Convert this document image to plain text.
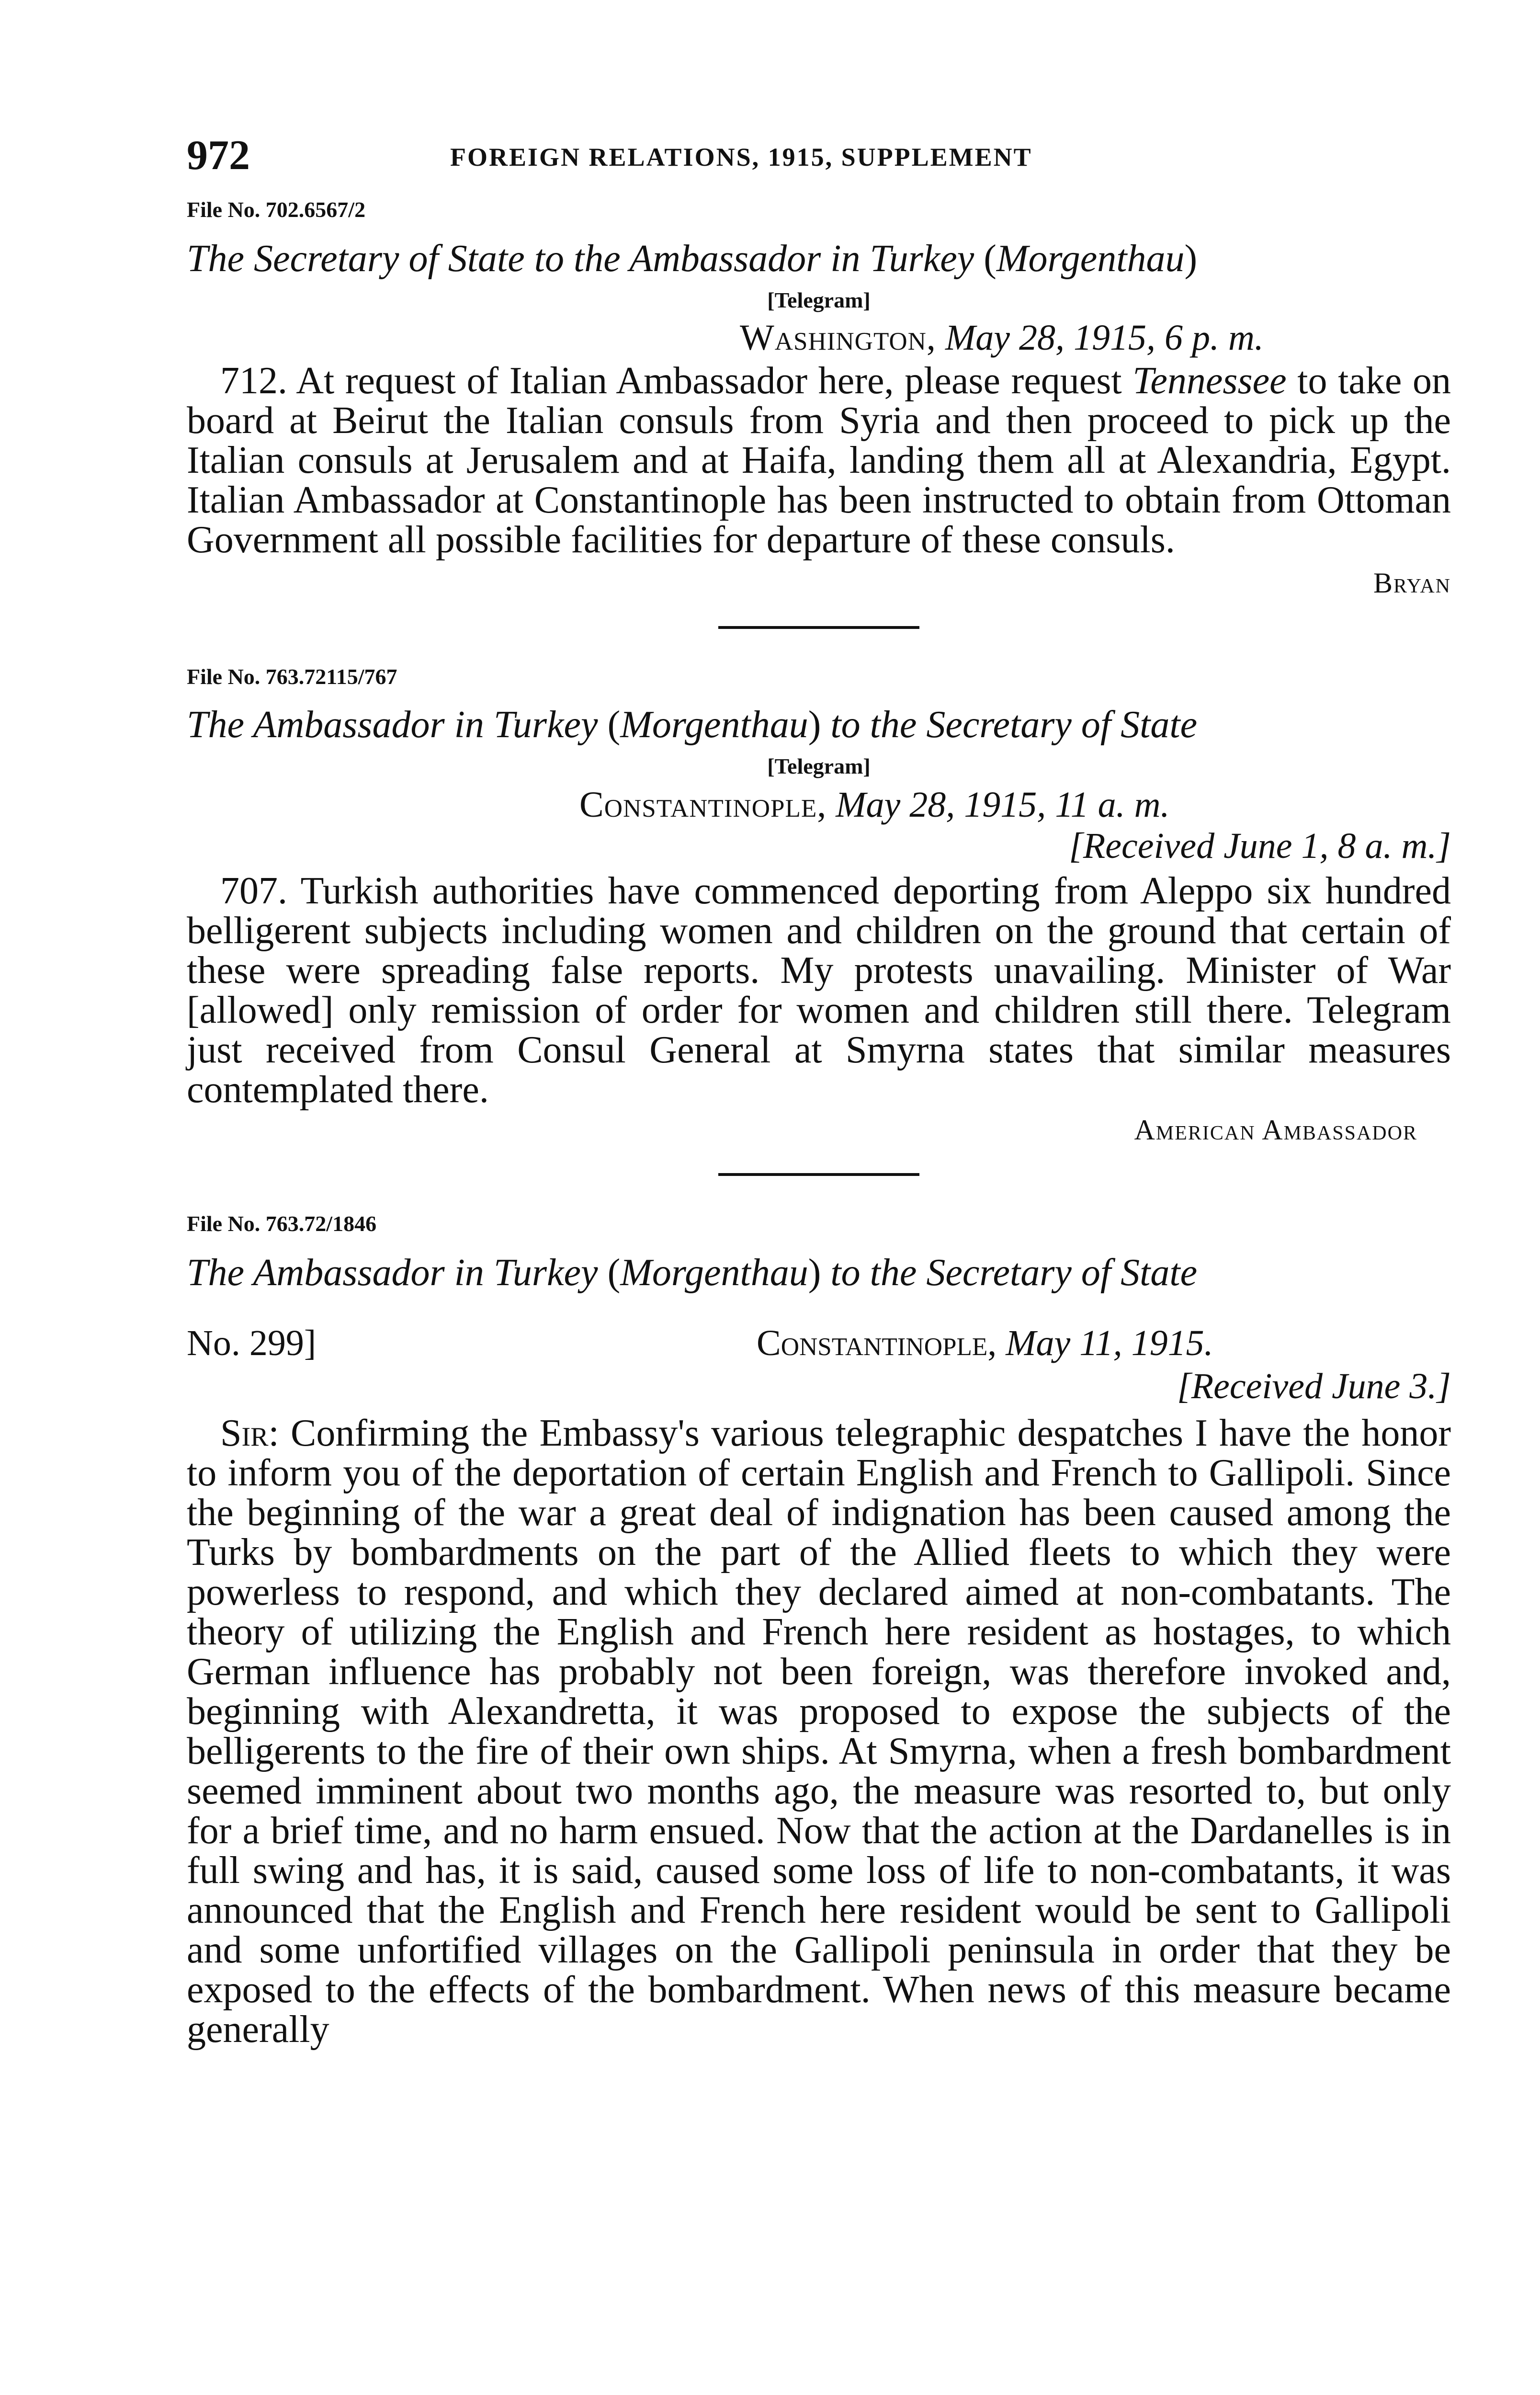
972	FOREIGN RELATIONS, 1915, SUPPLEMENT

File No. 702.6567/2

The Secretary of State to the Ambassador in Turkey (Morgenthau)

[Telegram]

Washington, May 28, 1915, 6 p. m.

712. At request of Italian Ambassador here, please request Tennessee to take on board at Beirut the Italian consuls from Syria and then proceed to pick up the Italian consuls at Jerusalem and at Haifa, landing them all at Alexandria, Egypt. Italian Ambassador at Constantinople has been instructed to obtain from Ottoman Government all possible facilities for departure of these consuls.

Bryan

File No. 763.72115/767

The Ambassador in Turkey (Morgenthau) to the Secretary of State

[Telegram]

Constantinople, May 28, 1915, 11 a. m.

[Received June 1, 8 a. m.]

707. Turkish authorities have commenced deporting from Aleppo six hundred belligerent subjects including women and children on the ground that certain of these were spreading false reports. My protests unavailing. Minister of War [allowed] only remission of order for women and children still there. Telegram just received from Consul General at Smyrna states that similar measures contemplated there.

American Ambassador

File No. 763.72/1846

The Ambassador in Turkey (Morgenthau) to the Secretary of State

No. 299]	Constantinople, May 11, 1915.

[Received June 3.]

Sir: Confirming the Embassy's various telegraphic despatches I have the honor to inform you of the deportation of certain English and French to Gallipoli. Since the beginning of the war a great deal of indignation has been caused among the Turks by bombardments on the part of the Allied fleets to which they were powerless to respond, and which they declared aimed at non-combatants. The theory of utilizing the English and French here resident as hostages, to which German influence has probably not been foreign, was therefore invoked and, beginning with Alexandretta, it was proposed to expose the subjects of the belligerents to the fire of their own ships. At Smyrna, when a fresh bombardment seemed imminent about two months ago, the measure was resorted to, but only for a brief time, and no harm ensued. Now that the action at the Dardanelles is in full swing and has, it is said, caused some loss of life to non-combatants, it was announced that the English and French here resident would be sent to Gallipoli and some unfortified villages on the Gallipoli peninsula in order that they be exposed to the effects of the bombardment. When news of this measure became generally
